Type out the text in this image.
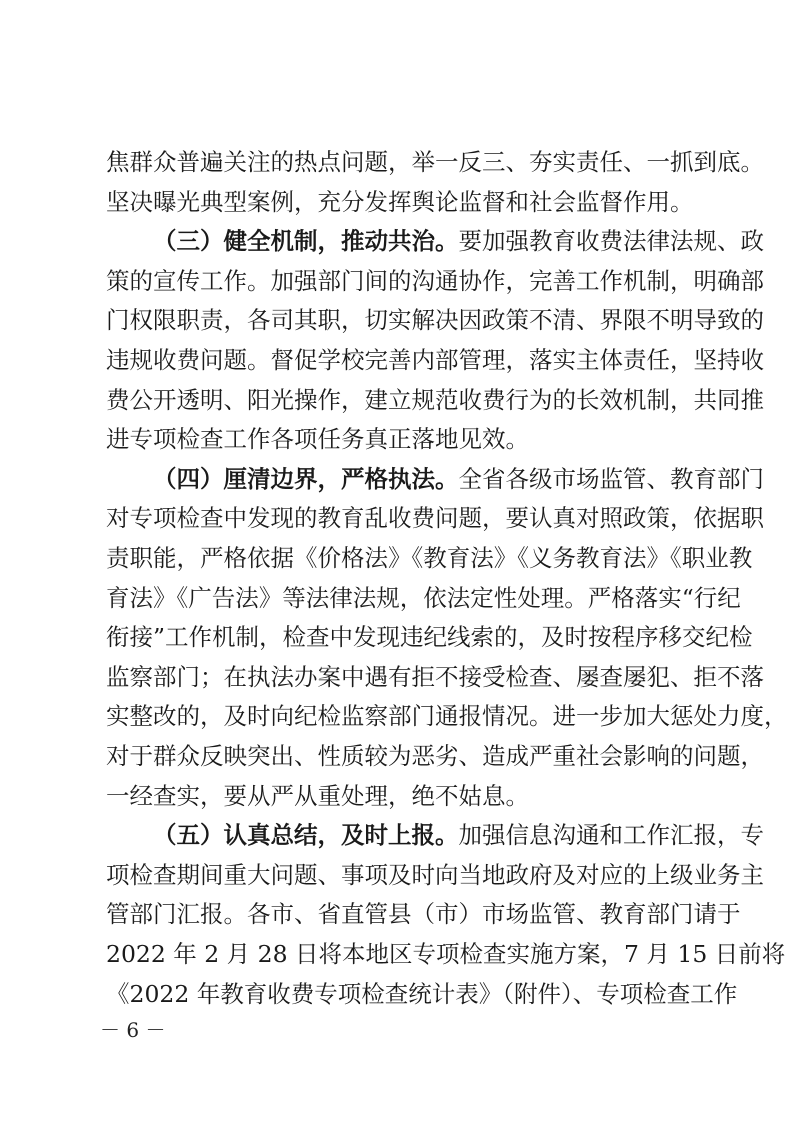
焦群众普遍关注的热点问题，举一反三、夯实责任、一抓到底。
坚决曝光典型案例，充分发挥舆论监督和社会监督作用。
（三）健全机制，推动共治。要加强教育收费法律法规、政
策的宣传工作。加强部门间的沟通协作，完善工作机制，明确部
门权限职责，各司其职，切实解决因政策不清、界限不明导致的
违规收费问题。督促学校完善内部管理，落实主体责任，坚持收
费公开透明、阳光操作，建立规范收费行为的长效机制，共同推
进专项检查工作各项任务真正落地见效。
（四）厘清边界，严格执法。全省各级市场监管、教育部门
对专项检查中发现的教育乱收费问题，要认真对照政策，依据职
责职能，严格依据《价格法》《教育法》《义务教育法》《职业教
育法》《广告法》等法律法规，依法定性处理。严格落实“行纪
衔接”工作机制，检查中发现违纪线索的，及时按程序移交纪检
监察部门；在执法办案中遇有拒不接受检查、屡查屡犯、拒不落
实整改的，及时向纪检监察部门通报情况。进一步加大惩处力度，
对于群众反映突出、性质较为恶劣、造成严重社会影响的问题，
一经查实，要从严从重处理，绝不姑息。
（五）认真总结，及时上报。加强信息沟通和工作汇报，专
项检查期间重大问题、事项及时向当地政府及对应的上级业务主
管部门汇报。各市、省直管县（市）市场监管、教育部门请于
2022 年 2 月 28 日将本地区专项检查实施方案，7 月 15 日前将
《2022 年教育收费专项检查统计表》（附件）、专项检查工作
－ 6 －
